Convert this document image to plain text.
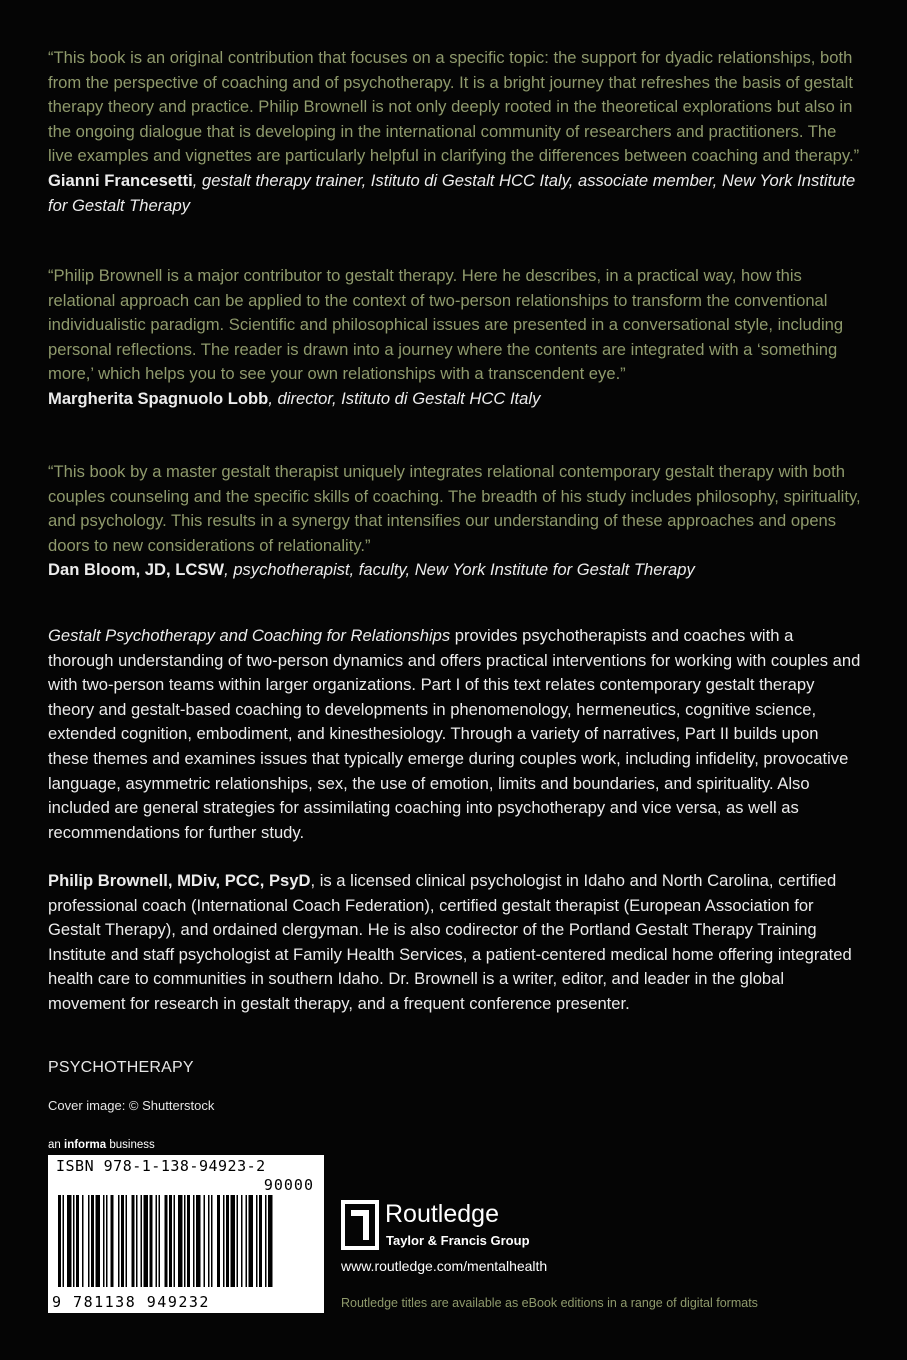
“This book is an original contribution that focuses on a specific topic: the support for dyadic relationships, both from the perspective of coaching and of psychotherapy. It is a bright journey that refreshes the basis of gestalt therapy theory and practice. Philip Brownell is not only deeply rooted in the theoretical explorations but also in the ongoing dialogue that is developing in the international community of researchers and practitioners. The live examples and vignettes are particularly helpful in clarifying the differences between coaching and therapy.”

Gianni Francesetti, gestalt therapy trainer, Istituto di Gestalt HCC Italy, associate member, New York Institute for Gestalt Therapy

“Philip Brownell is a major contributor to gestalt therapy. Here he describes, in a practical way, how this relational approach can be applied to the context of two-person relationships to transform the conventional individualistic paradigm. Scientific and philosophical issues are presented in a conversational style, including personal reflections. The reader is drawn into a journey where the contents are integrated with a ‘something more,’ which helps you to see your own relationships with a transcendent eye.”

Margherita Spagnuolo Lobb, director, Istituto di Gestalt HCC Italy

“This book by a master gestalt therapist uniquely integrates relational contemporary gestalt therapy with both couples counseling and the specific skills of coaching. The breadth of his study includes philosophy, spirituality, and psychology. This results in a synergy that intensifies our understanding of these approaches and opens doors to new considerations of relationality.”

Dan Bloom, JD, LCSW, psychotherapist, faculty, New York Institute for Gestalt Therapy

Gestalt Psychotherapy and Coaching for Relationships provides psychotherapists and coaches with a thorough understanding of two-person dynamics and offers practical interventions for working with couples and with two-person teams within larger organizations. Part I of this text relates contemporary gestalt therapy theory and gestalt-based coaching to developments in phenomenology, hermeneutics, cognitive science, extended cognition, embodiment, and kinesthesiology. Through a variety of narratives, Part II builds upon these themes and examines issues that typically emerge during couples work, including infidelity, provocative language, asymmetric relationships, sex, the use of emotion, limits and boundaries, and spirituality. Also included are general strategies for assimilating coaching into psychotherapy and vice versa, as well as recommendations for further study.

Philip Brownell, MDiv, PCC, PsyD, is a licensed clinical psychologist in Idaho and North Carolina, certified professional coach (International Coach Federation), certified gestalt therapist (European Association for Gestalt Therapy), and ordained clergyman. He is also codirector of the Portland Gestalt Therapy Training Institute and staff psychologist at Family Health Services, a patient-centered medical home offering integrated health care to communities in southern Idaho. Dr. Brownell is a writer, editor, and leader in the global movement for research in gestalt therapy, and a frequent conference presenter.

PSYCHOTHERAPY
Cover image: © Shutterstock
an informa business
ISBN 978-1-138-94923-2
90000
9 781138 949232
Routledge
Taylor & Francis Group
www.routledge.com/mentalhealth
Routledge titles are available as eBook editions in a range of digital formats
